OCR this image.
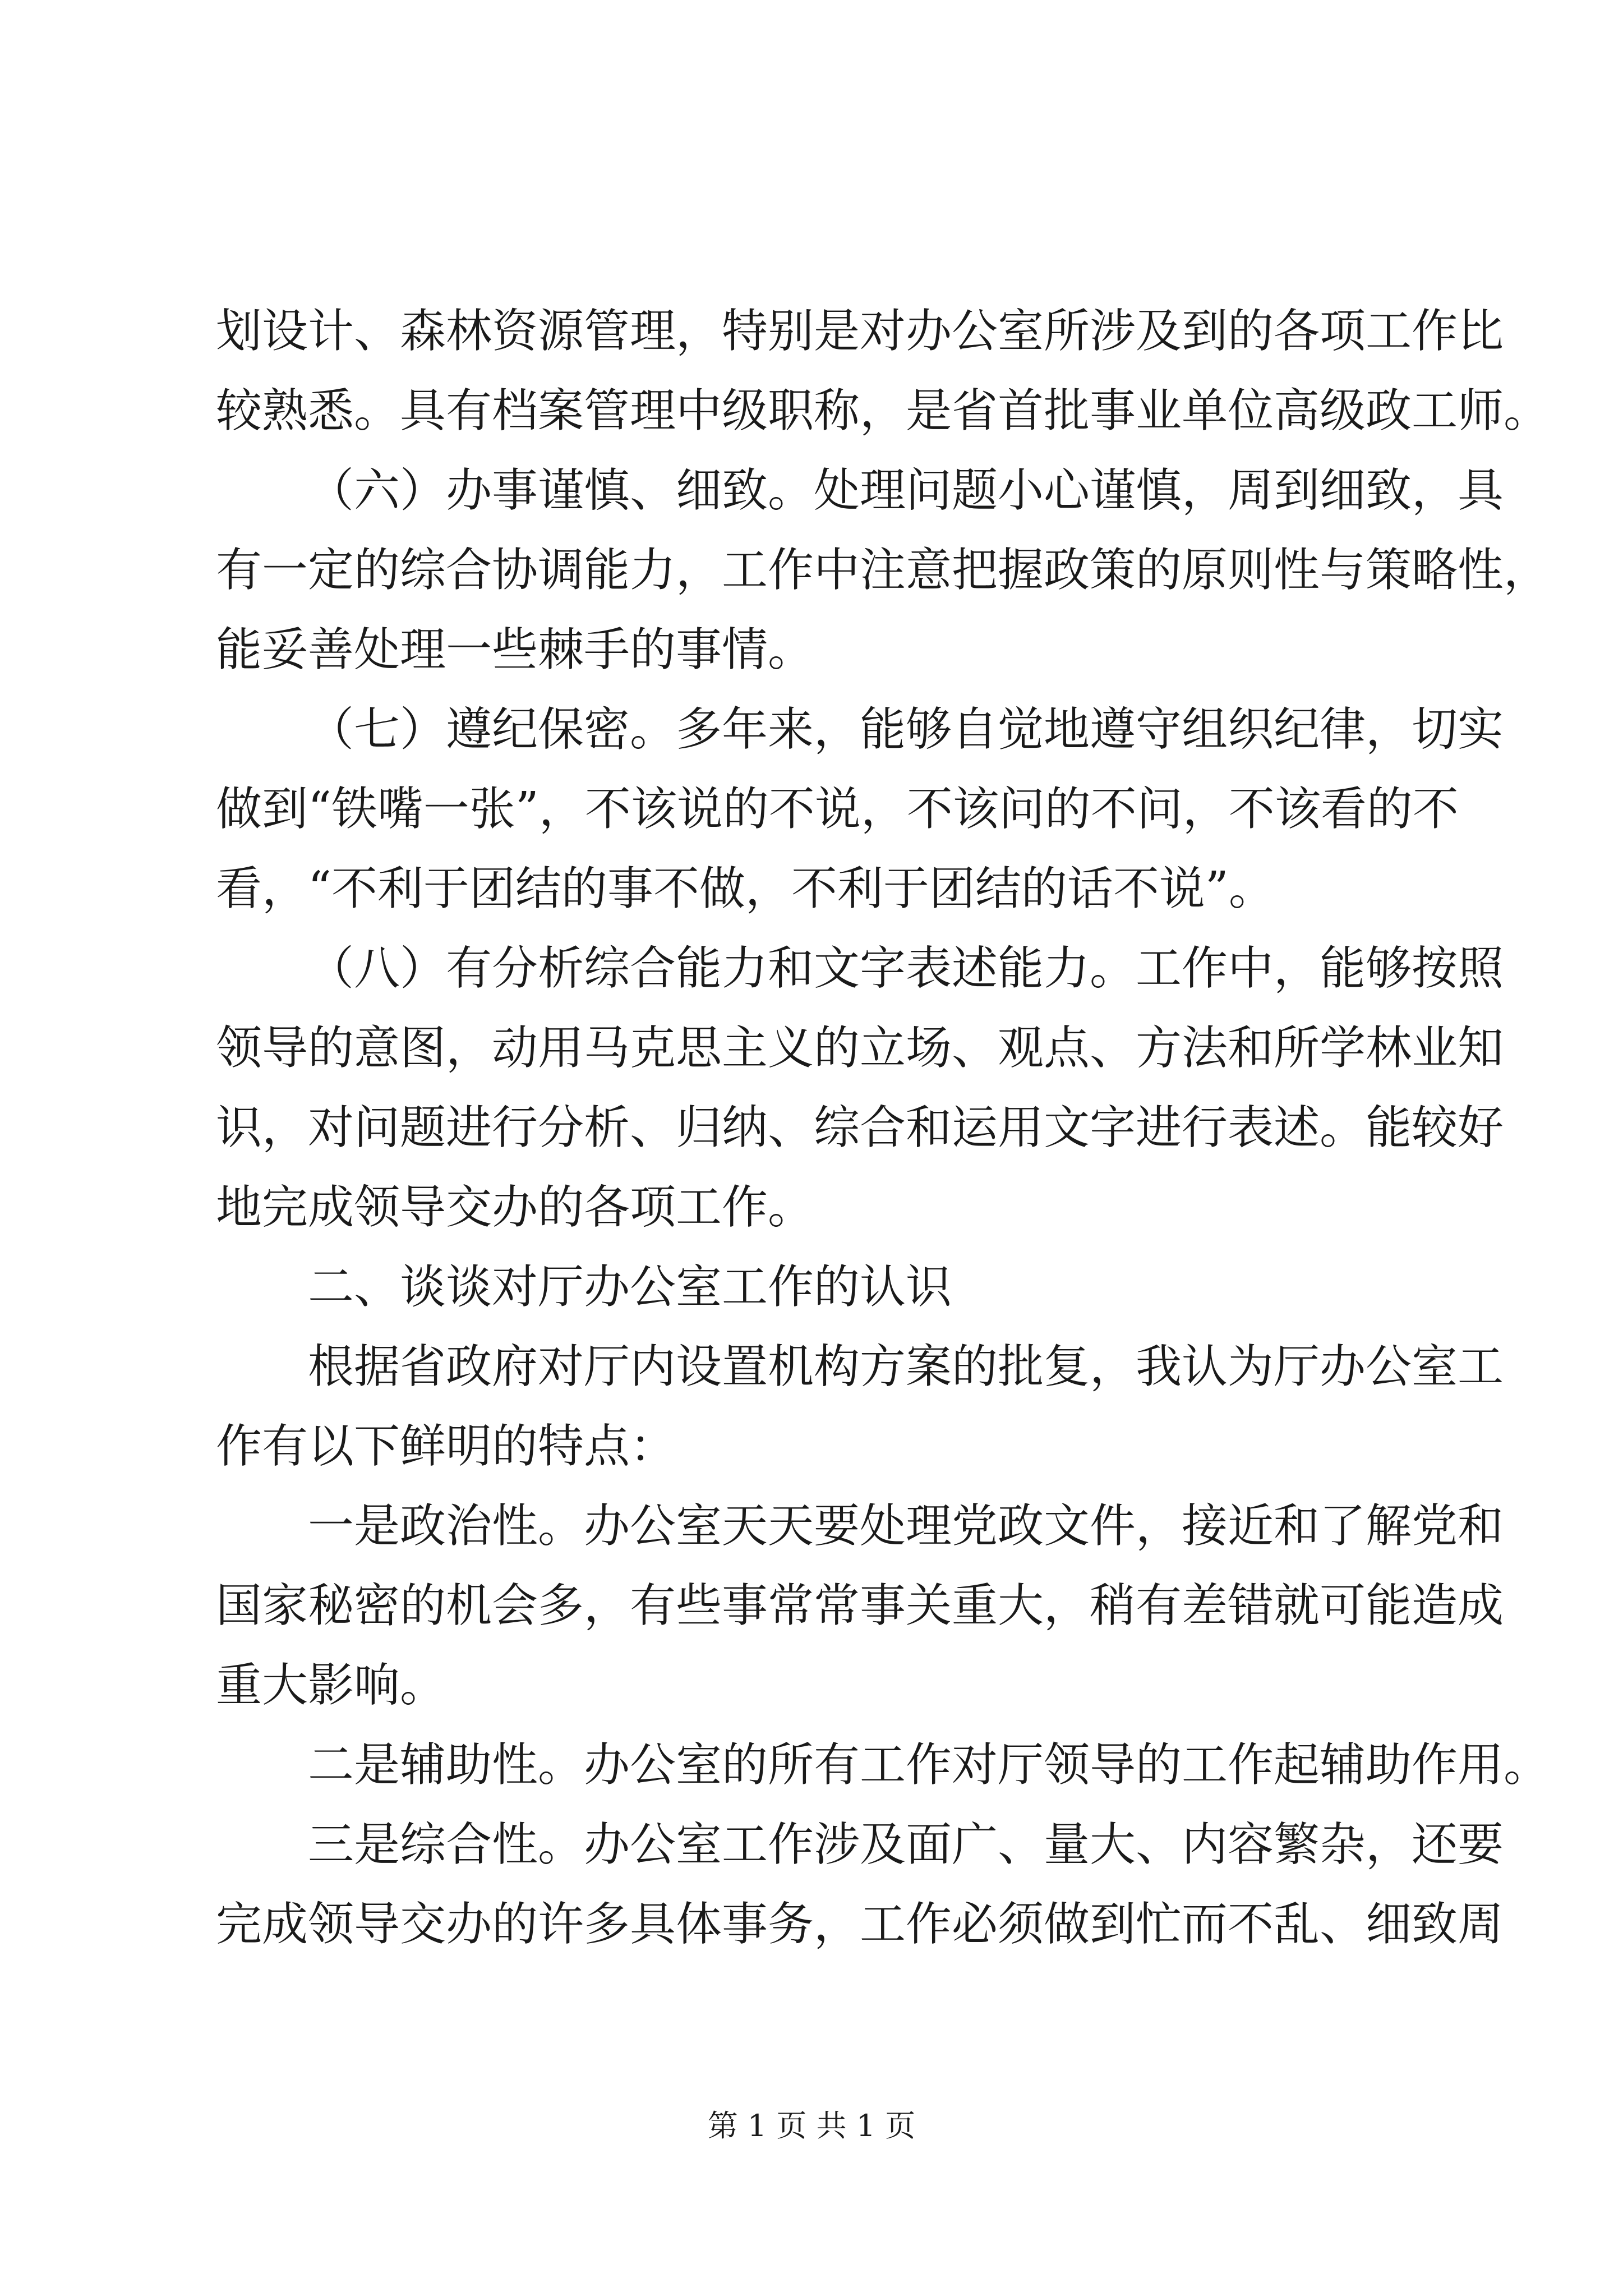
划设计、森林资源管理，特别是对办公室所涉及到的各项工作比
较熟悉。具有档案管理中级职称，是省首批事业单位高级政工师。
（六）办事谨慎、细致。处理问题小心谨慎，周到细致，具
有一定的综合协调能力，工作中注意把握政策的原则性与策略性，
能妥善处理一些棘手的事情。
（七）遵纪保密。多年来，能够自觉地遵守组织纪律，切实
做到“铁嘴一张”，不该说的不说，不该问的不问，不该看的不
看，“不利于团结的事不做，不利于团结的话不说”。
（八）有分析综合能力和文字表述能力。工作中，能够按照
领导的意图，动用马克思主义的立场、观点、方法和所学林业知
识，对问题进行分析、归纳、综合和运用文字进行表述。能较好
地完成领导交办的各项工作。
二、谈谈对厅办公室工作的认识
根据省政府对厅内设置机构方案的批复，我认为厅办公室工
作有以下鲜明的特点：
一是政治性。办公室天天要处理党政文件，接近和了解党和
国家秘密的机会多，有些事常常事关重大，稍有差错就可能造成
重大影响。
二是辅助性。办公室的所有工作对厅领导的工作起辅助作用。
三是综合性。办公室工作涉及面广、量大、内容繁杂，还要
完成领导交办的许多具体事务，工作必须做到忙而不乱、细致周
第 1 页 共 1 页
